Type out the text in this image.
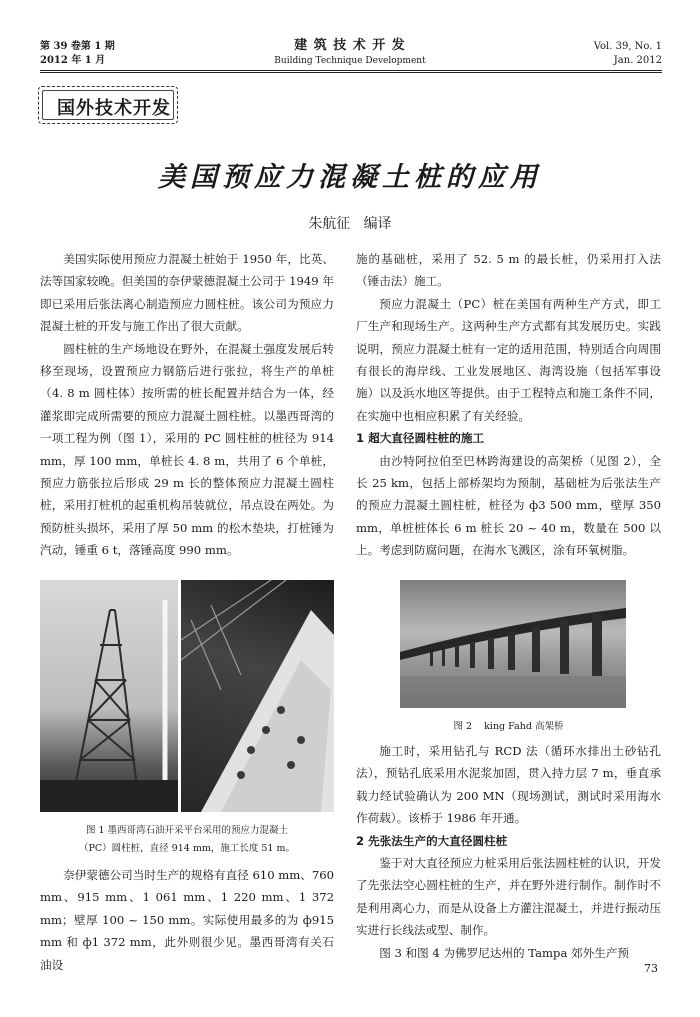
第 39 卷第 1 期
2012 年 1 月
建 筑 技 术 开 发
Building Technique Development
Vol. 39, No. 1
Jan. 2012
国外技术开发
美国预应力混凝土桩的应用
朱航征   编译

美国实际使用预应力混凝土桩始于 1950 年，比英、法等国家较晚。但美国的奈伊蒙德混凝土公司于 1949 年即已采用后张法离心制造预应力圆柱桩。该公司为预应力混凝土桩的开发与施工作出了很大贡献。

圆柱桩的生产场地设在野外，在混凝土强度发展后转移至现场，设置预应力钢筋后进行张拉，将生产的单桩（4. 8 m 圆柱体）按所需的桩长配置并结合为一体，经灌浆即完成所需要的预应力混凝土圆柱桩。以墨西哥湾的一项工程为例（图 1），采用的 PC 圆柱桩的桩径为 914 mm，厚 100 mm，单桩长 4. 8 m，共用了 6 个单桩，预应力筋张拉后形成 29 m 长的整体预应力混凝土圆柱桩，采用打桩机的起重机构吊装就位，吊点设在两处。为预防桩头损坏，采用了厚 50 mm 的松木垫块，打桩锤为汽动，锤重 6 t，落锤高度 990 mm。

图 1 墨西哥湾石油开采平台采用的预应力混凝土
（PC）圆柱桩，直径 914 mm，施工长度 51 m。

奈伊蒙德公司当时生产的规格有直径 610 mm、760 mm、915 mm、1 061 mm、1 220 mm、1 372 mm；壁厚 100 ~ 150 mm。实际使用最多的为 ф915 mm 和 ф1 372 mm，此外则很少见。墨西哥湾有关石油设

施的基础桩，采用了 52. 5 m 的最长桩，仍采用打入法（锤击法）施工。

预应力混凝土（PC）桩在美国有两种生产方式，即工厂生产和现场生产。这两种生产方式都有其发展历史。实践说明，预应力混凝土桩有一定的适用范围，特别适合向周围有很长的海岸线、工业发展地区、海湾设施（包括军事设施）以及浜水地区等提供。由于工程特点和施工条件不同，在实施中也相应积累了有关经验。

1 超大直径圆柱桩的施工

由沙特阿拉伯至巴林跨海建设的高架桥（见图 2），全长 25 km，包括上部桥架均为预制，基础桩为后张法生产的预应力混凝土圆柱桩，桩径为 ф3 500 mm，壁厚 350 mm，单桩桩体长 6 m 桩长 20 ~ 40 m，数量在 500 以上。考虑到防腐问题，在海水飞溅区，涂有环氧树脂。

图 2    king Fahd 高架桥

施工时，采用钻孔与 RCD 法（循环水排出土砂钻孔法），预钻孔底采用水泥浆加固，贯入持力层 7 m，垂直承载力经试验确认为 200 MN（现场测试，测试时采用海水作荷载）。该桥于 1986 年开通。

2 先张法生产的大直径圆柱桩

鉴于对大直径预应力桩采用后张法圆柱桩的认识，开发了先张法空心圆柱桩的生产，并在野外进行制作。制作时不是利用离心力，而是从设备上方灌注混凝土，并进行振动压实进行长线法或型、制作。

图 3 和图 4 为佛罗尼达州的 Tampa 郊外生产预

73
